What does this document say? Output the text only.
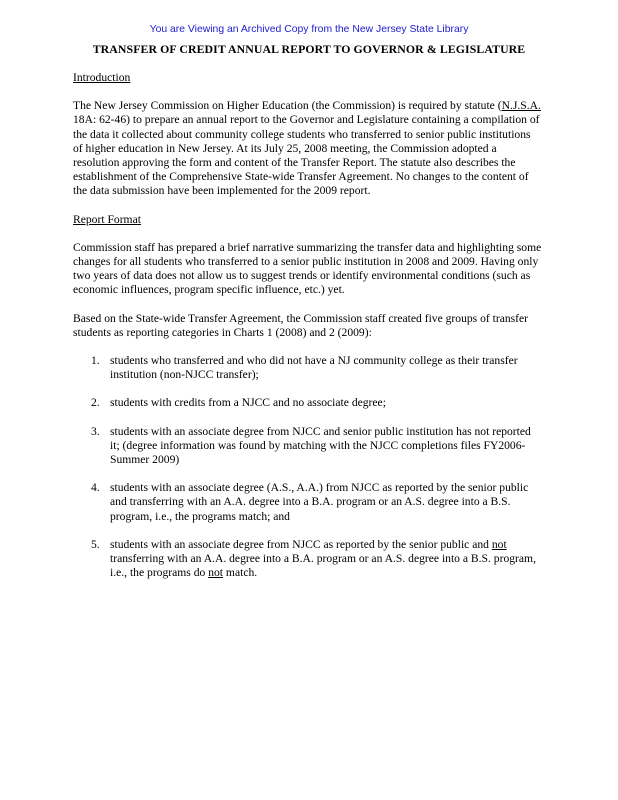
You are Viewing an Archived Copy from the New Jersey State Library
TRANSFER OF CREDIT ANNUAL REPORT TO GOVERNOR & LEGISLATURE
Introduction

The New Jersey Commission on Higher Education (the Commission) is required by statute (N.J.S.A. 18A: 62-46) to prepare an annual report to the Governor and Legislature containing a compilation of the data it collected about community college students who transferred to senior public institutions of higher education in New Jersey. At its July 25, 2008 meeting, the Commission adopted a resolution approving the form and content of the Transfer Report. The statute also describes the establishment of the Comprehensive State-wide Transfer Agreement. No changes to the content of the data submission have been implemented for the 2009 report.

Report Format

Commission staff has prepared a brief narrative summarizing the transfer data and highlighting some changes for all students who transferred to a senior public institution in 2008 and 2009. Having only two years of data does not allow us to suggest trends or identify environmental conditions (such as economic influences, program specific influence, etc.) yet.

Based on the State-wide Transfer Agreement, the Commission staff created five groups of transfer students as reporting categories in Charts 1 (2008) and 2 (2009):

1. students who transferred and who did not have a NJ community college as their transfer institution (non-NJCC transfer);
2. students with credits from a NJCC and no associate degree;
3. students with an associate degree from NJCC and senior public institution has not reported it; (degree information was found by matching with the NJCC completions files FY2006-Summer 2009)
4. students with an associate degree (A.S., A.A.) from NJCC as reported by the senior public and transferring with an A.A. degree into a B.A. program or an A.S. degree into a B.S. program, i.e., the programs match; and
5. students with an associate degree from NJCC as reported by the senior public and not transferring with an A.A. degree into a B.A. program or an A.S. degree into a B.S. program, i.e., the programs do not match.
